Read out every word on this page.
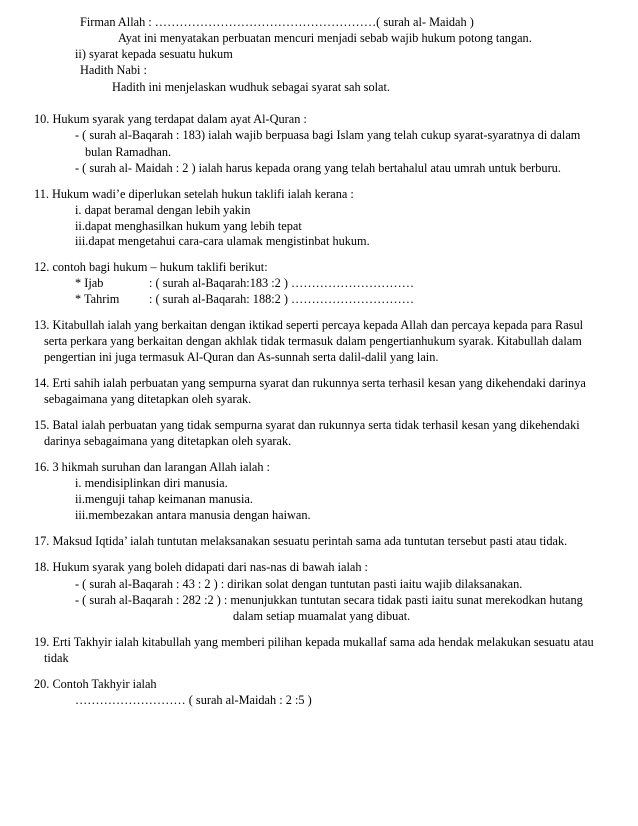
Firman Allah : ………………………………………………( surah al- Maidah )
Ayat ini menyatakan perbuatan mencuri menjadi sebab wajib hukum potong tangan.
ii) syarat kepada sesuatu hukum
Hadith Nabi :
Hadith ini menjelaskan wudhuk sebagai syarat sah solat.
10. Hukum syarak yang terdapat dalam ayat Al-Quran :
- ( surah al-Baqarah : 183) ialah wajib berpuasa bagi Islam yang telah cukup syarat-syaratnya di dalam
bulan Ramadhan.
- ( surah al- Maidah : 2 ) ialah harus kepada orang yang telah bertahalul atau umrah untuk berburu.
11. Hukum wadi’e diperlukan setelah hukun taklifi ialah kerana :
i. dapat beramal dengan lebih yakin
ii.dapat menghasilkan hukum yang lebih tepat
iii.dapat mengetahui cara-cara ulamak mengistinbat hukum.
12. contoh bagi hukum – hukum taklifi berikut:
* Ijab	: ( surah al-Baqarah:183 :2 ) …………………………
* Tahrim : ( surah al-Baqarah: 188:2 ) …………………………
13. Kitabullah ialah yang berkaitan dengan iktikad seperti percaya kepada Allah dan percaya kepada para Rasul
serta perkara yang berkaitan dengan akhlak tidak termasuk dalam pengertianhukum syarak. Kitabullah dalam
pengertian ini juga termasuk Al-Quran dan As-sunnah serta dalil-dalil yang lain.
14. Erti sahih ialah perbuatan yang sempurna syarat dan rukunnya serta terhasil kesan yang dikehendaki darinya
sebagaimana yang ditetapkan oleh syarak.
15. Batal ialah perbuatan yang tidak sempurna syarat dan rukunnya serta tidak terhasil kesan yang dikehendaki
darinya sebagaimana yang ditetapkan oleh syarak.
16. 3 hikmah suruhan dan larangan Allah ialah :
i. mendisiplinkan diri manusia.
ii.menguji tahap keimanan manusia.
iii.membezakan antara manusia dengan haiwan.
17. Maksud Iqtida’ ialah tuntutan melaksanakan sesuatu perintah sama ada tuntutan tersebut pasti atau tidak.
18. Hukum syarak yang boleh didapati dari nas-nas di bawah ialah :
- ( surah al-Baqarah : 43 : 2 ) : dirikan solat dengan tuntutan pasti iaitu wajib dilaksanakan.
- ( surah al-Baqarah : 282 :2 ) : menunjukkan tuntutan secara tidak pasti iaitu sunat merekodkan hutang
dalam setiap muamalat yang dibuat.
19. Erti Takhyir ialah kitabullah yang memberi pilihan kepada mukallaf sama ada hendak melakukan sesuatu atau
tidak
20. Contoh Takhyir ialah
……………………… ( surah al-Maidah : 2 :5 )
